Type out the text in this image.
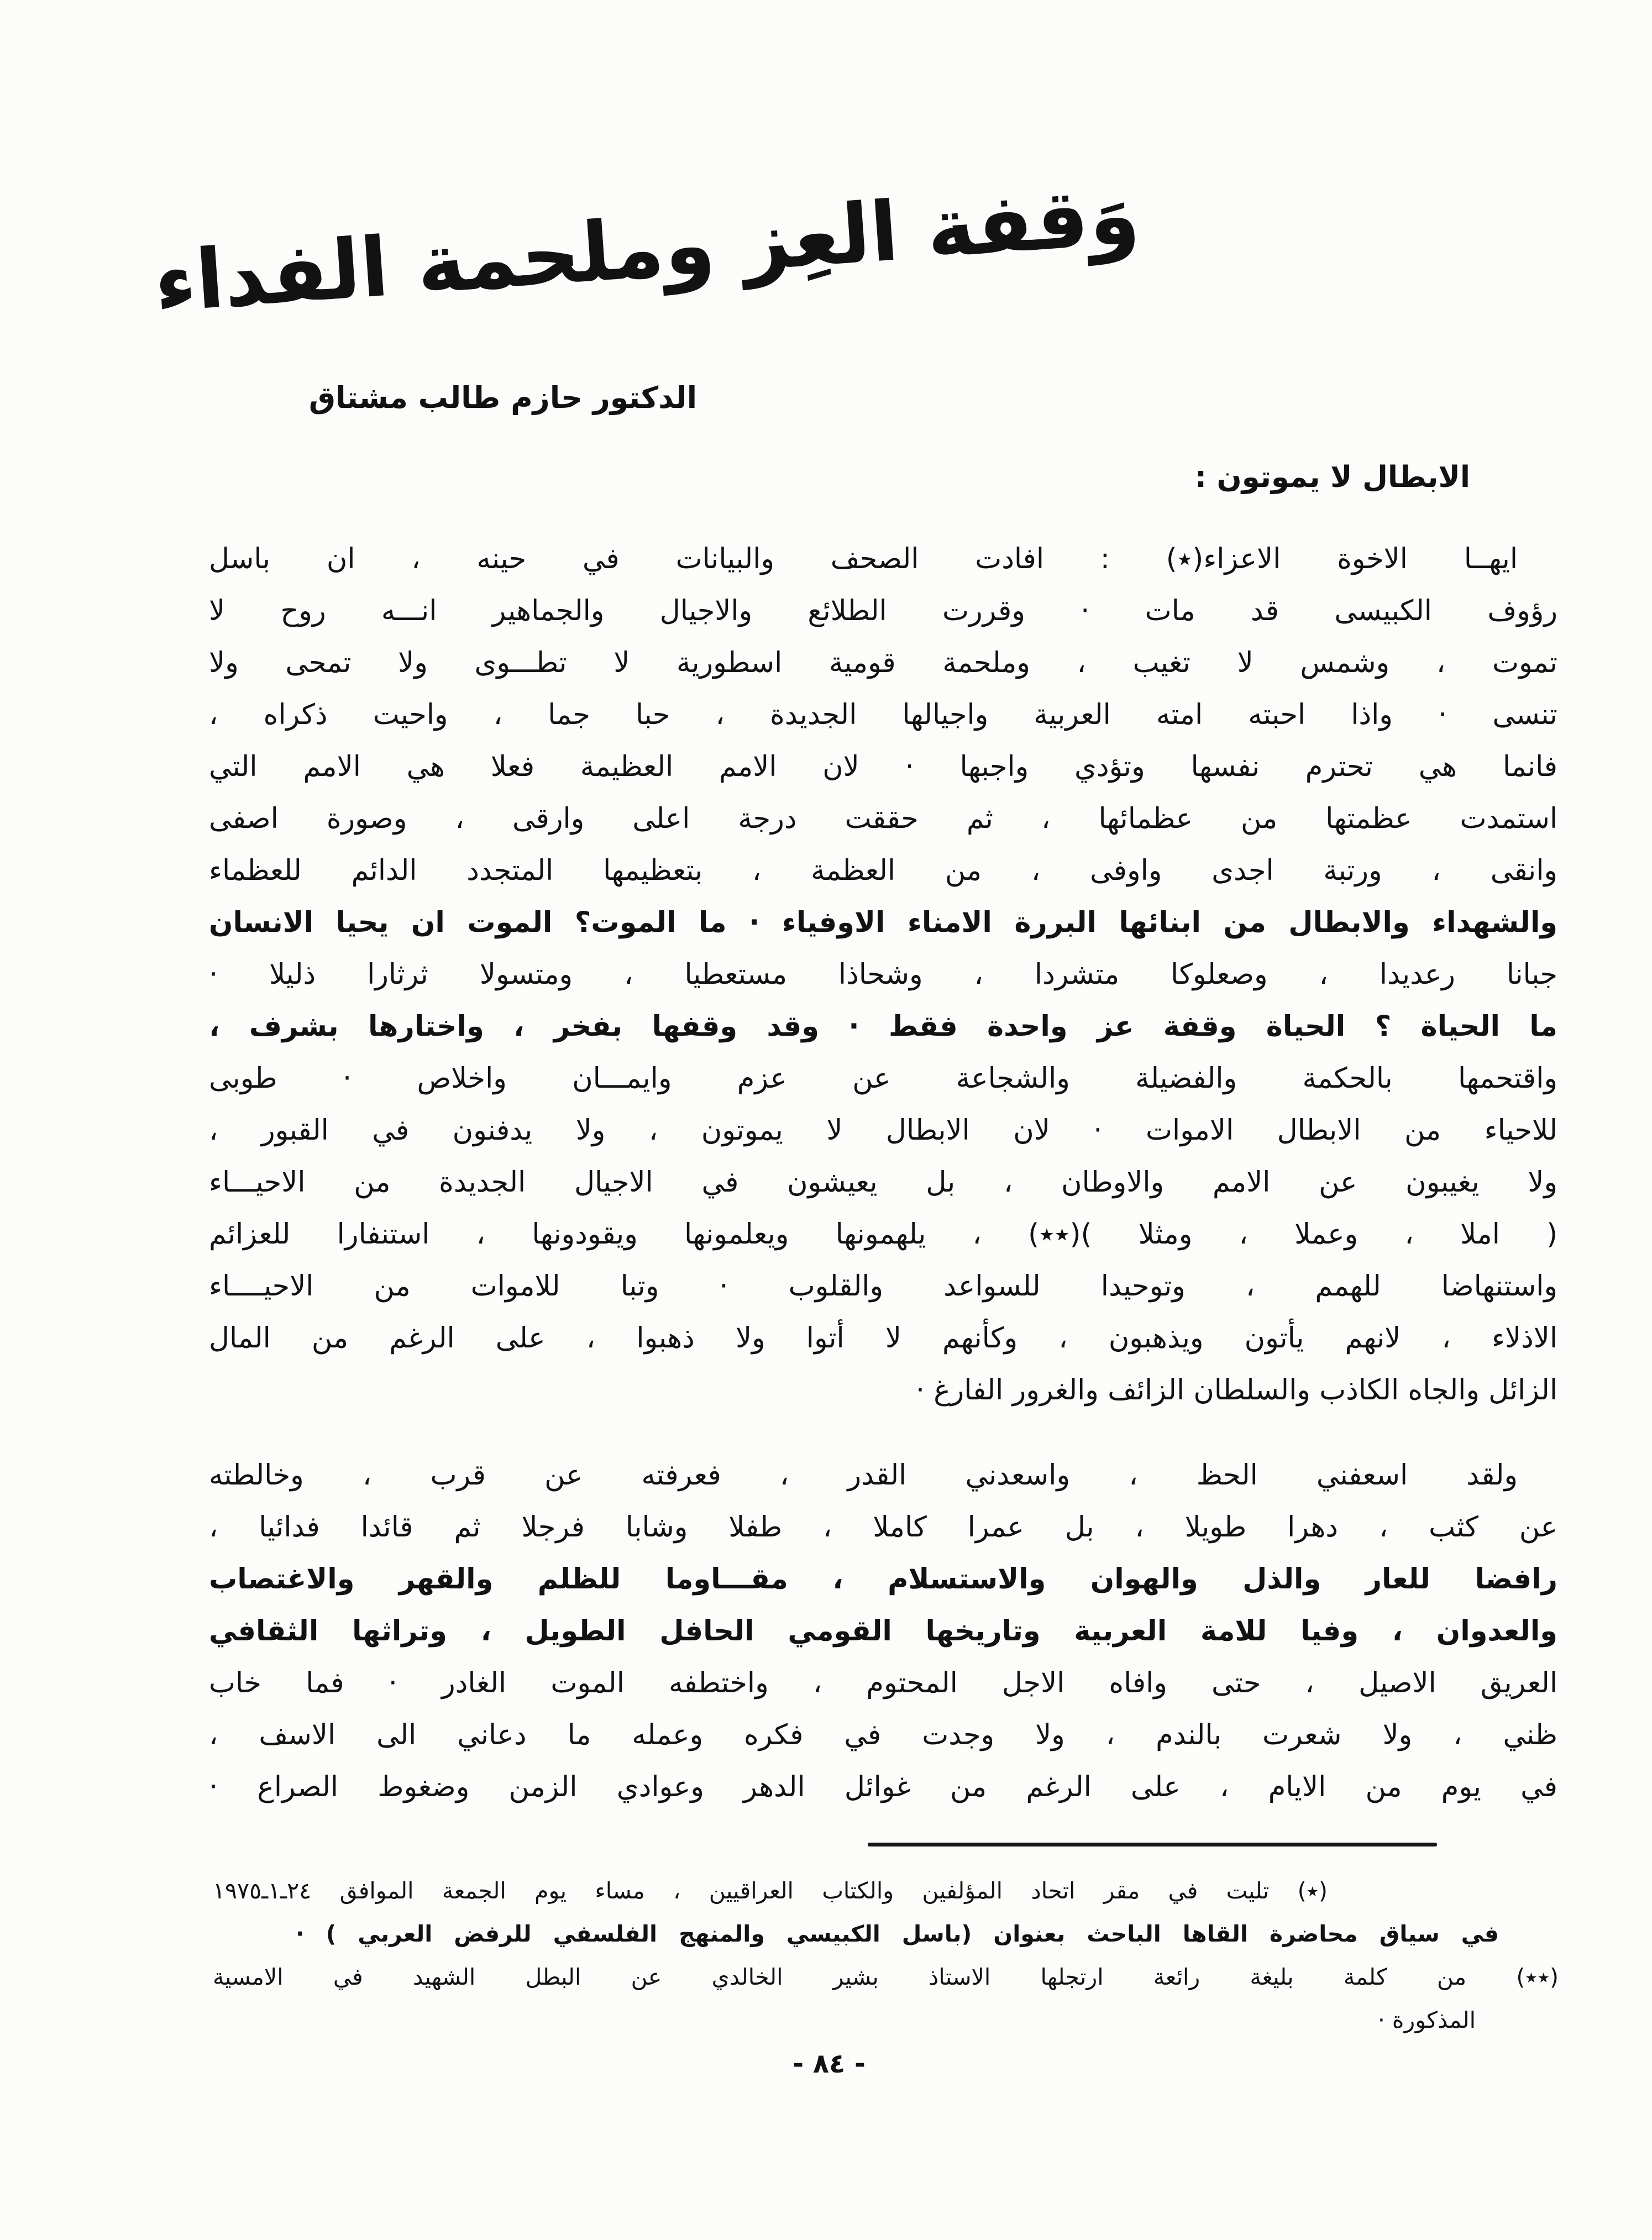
وَقفة العِز وملحمة الفداء
الدكتور حازم طالب مشتاق
الابطال لا يموتون :
ايهــا الاخوة الاعزاء(٭) : افادت الصحف والبيانات في حينه ، ان باسل
رؤوف الكبيسى قد مات · وقررت الطلائع والاجيال والجماهير انـــه روح لا
تموت ، وشمس لا تغيب ، وملحمة قومية اسطورية لا تطـــوى ولا تمحى ولا
تنسى · واذا احبته امته العربية واجيالها الجديدة ، حبا جما ، واحيت ذكراه ،
فانما هي تحترم نفسها وتؤدي واجبها · لان الامم العظيمة فعلا هي الامم التي
استمدت عظمتها من عظمائها ، ثم حققت درجة اعلى وارقى ، وصورة اصفى
وانقى ، ورتبة اجدى واوفى ، من العظمة ، بتعظيمها المتجدد الدائم للعظماء
والشهداء والابطال من ابنائها البررة الامناء الاوفياء · ما الموت؟ الموت ان يحيا الانسان
جبانا رعديدا ، وصعلوكا متشردا ، وشحاذا مستعطيا ، ومتسولا ثرثارا ذليلا ·
ما الحياة ؟ الحياة وقفة عز واحدة فقط · وقد وقفها بفخر ، واختارها بشرف ،
واقتحمها بالحكمة والفضيلة والشجاعة عن عزم وايمـــان واخلاص · طوبى
للاحياء من الابطال الاموات · لان الابطال لا يموتون ، ولا يدفنون في القبور ،
ولا يغيبون عن الامم والاوطان ، بل يعيشون في الاجيال الجديدة من الاحيـــاء
( املا ، وعملا ، ومثلا )(٭٭) ، يلهمونها ويعلمونها ويقودونها ، استنفارا للعزائم
واستنهاضا للهمم ، وتوحيدا للسواعد والقلوب · وتبا للاموات من الاحيــــاء
الاذلاء ، لانهم يأتون ويذهبون ، وكأنهم لا أتوا ولا ذهبوا ، على الرغم من المال
الزائل والجاه الكاذب والسلطان الزائف والغرور الفارغ ·
ولقد اسعفني الحظ ، واسعدني القدر ، فعرفته عن قرب ، وخالطته
عن كثب ، دهرا طويلا ، بل عمرا كاملا ، طفلا وشابا فرجلا ثم قائدا فدائيا ،
رافضا للعار والذل والهوان والاستسلام ، مقـــاوما للظلم والقهر والاغتصاب
والعدوان ، وفيا للامة العربية وتاريخها القومي الحافل الطويل ، وتراثها الثقافي
العريق الاصيل ، حتى وافاه الاجل المحتوم ، واختطفه الموت الغادر · فما خاب
ظني ، ولا شعرت بالندم ، ولا وجدت في فكره وعمله ما دعاني الى الاسف ،
في يوم من الايام ، على الرغم من غوائل الدهر وعوادي الزمن وضغوط الصراع ·
(٭) تليت في مقر اتحاد المؤلفين والكتاب العراقيين ، مساء يوم الجمعة الموافق ٢٤ـ١ـ١٩٧٥
في سياق محاضرة القاها الباحث بعنوان (باسل الكبيسي والمنهج الفلسفي للرفض العربي ) ·
(٭٭) من كلمة بليغة رائعة ارتجلها الاستاذ بشير الخالدي عن البطل الشهيد في الامسية
المذكورة ·
- ٨٤ -
